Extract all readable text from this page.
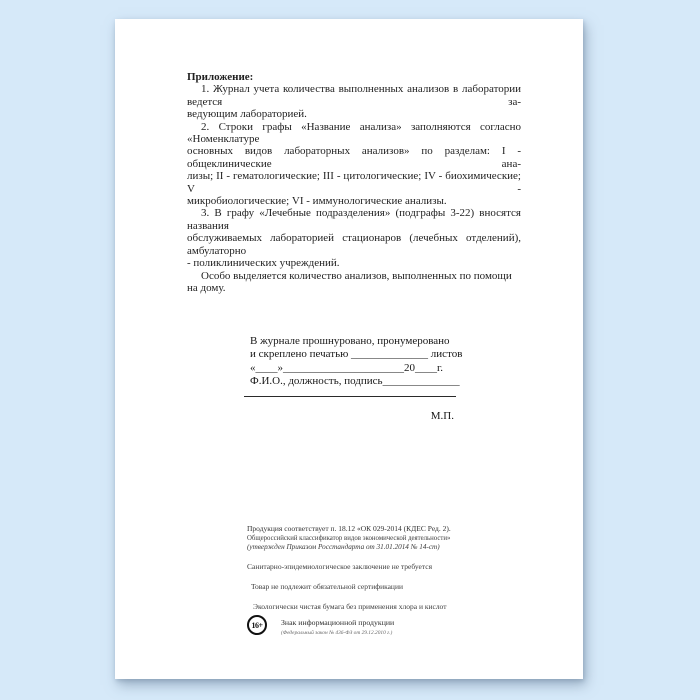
Приложение:
1. Журнал учета количества выполненных анализов в лаборатории ведется за-
ведующим лабораторией.
2. Строки графы «Название анализа» заполняются согласно «Номенклатуре
основных видов лабораторных анализов» по разделам: I - общеклинические ана-
лизы; II - гематологические; III - цитологические; IV - биохимические; V -
микробиологические; VI - иммунологические анализы.
3. В графу «Лечебные подразделения» (подграфы 3-22) вносятся названия
обслуживаемых лабораторией стационаров (лечебных отделений), амбулаторно
- поликлинических учреждений.
Особо выделяется количество анализов, выполненных по помощи на дому.
В журнале прошнуровано, пронумеровано
и скреплено печатью ______________ листов
«____»______________________20____г.
Ф.И.О., должность, подпись______________
М.П.
Продукция соответствует п. 18.12 «ОК 029-2014 (КДЕС Ред. 2).
Общероссийский классификатор видов экономической деятельности»
(утвержден Приказом Росстандарта от 31.01.2014 № 14-ст)
Санитарно-эпидемиологическое заключение не требуется
Товар не подлежит обязательной сертификации
Экологически чистая бумага без применения хлора и кислот
16+	Знак информационной продукции
(Федеральный закон № 436-ФЗ от 29.12.2010 г.)
